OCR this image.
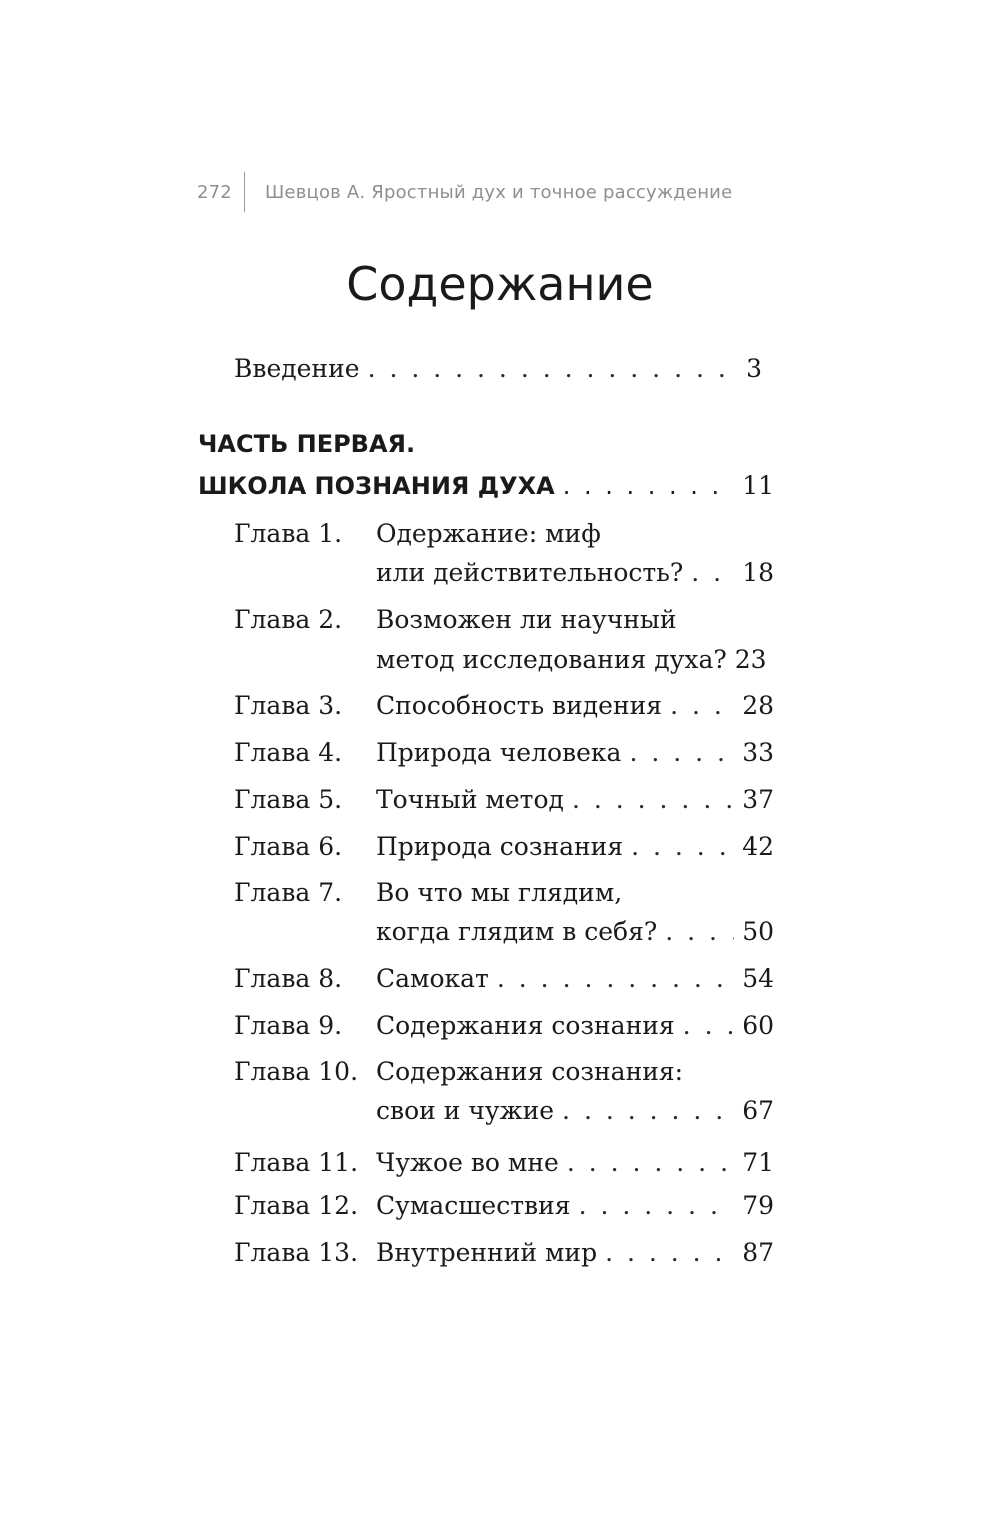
272 Шевцов А. Яростный дух и точное рассуждение
Содержание
Введение . . .	3
ЧАСТЬ ПЕРВАЯ.
ШКОЛА ПОЗНАНИЯ ДУХА . . .	11
Глава 1. Одержание: миф
или действительность? . . . 18
Глава 2. Возможен ли научный
метод исследования духа? 23
Глава 3. Способность видения . . .	28
Глава 4. Природа человека . . .	33
Глава 5. Точный метод . . .	37
Глава 6. Природа сознания . . .	42
Глава 7. Во что мы глядим,
когда глядим в себя? . . .	50
Глава 8. Самокат . . .	54
Глава 9. Содержания сознания . . .	60
Глава 10. Содержания сознания:
свои и чужие . . .	67
Глава 11. Чужое во мне . . .	71
Глава 12. Сумасшествия . . .	79
Глава 13. Внутренний мир . . .	87
